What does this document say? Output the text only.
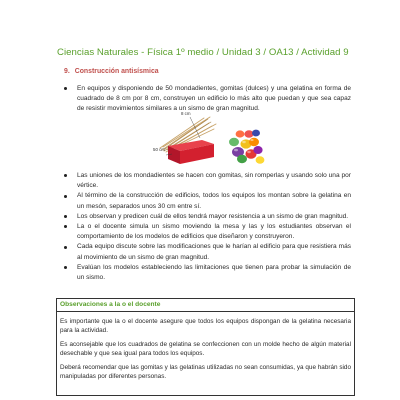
Ciencias Naturales - Física 1º medio / Unidad 3 / OA13 / Actividad 9
9. Construcción antisísmica
En equipos y disponiendo de 50 mondadientes, gomitas (dulces) y una gelatina en forma de cuadrado de 8 cm por 8 cm, construyen un edificio lo más alto que puedan y que sea capaz de resistir movimientos similares a un sismo de gran magnitud.
8 cm
50 cm
Las uniones de los mondadientes se hacen con gomitas, sin romperlas y usando solo una por vértice.
Al término de la construcción de edificios, todos los equipos los montan sobre la gelatina en un mesón, separados unos 30 cm entre sí.
Los observan y predicen cuál de ellos tendrá mayor resistencia a un sismo de gran magnitud.
La o el docente simula un sismo moviendo la mesa y las y los estudiantes observan el comportamiento de los modelos de edificios que diseñaron y construyeron.
Cada equipo discute sobre las modificaciones que le harían al edificio para que resistiera más al movimiento de un sismo de gran magnitud.
Evalúan los modelos estableciendo las limitaciones que tienen para probar la simulación de un sismo.
Observaciones a la o el docente

Es importante que la o el docente asegure que todos los equipos dispongan de la gelatina necesaria para la actividad.

Es aconsejable que los cuadrados de gelatina se confeccionen con un molde hecho de algún material desechable y que sea igual para todos los equipos.

Deberá recomendar que las gomitas y las gelatinas utilizadas no sean consumidas, ya que habrán sido manipuladas por diferentes personas.
